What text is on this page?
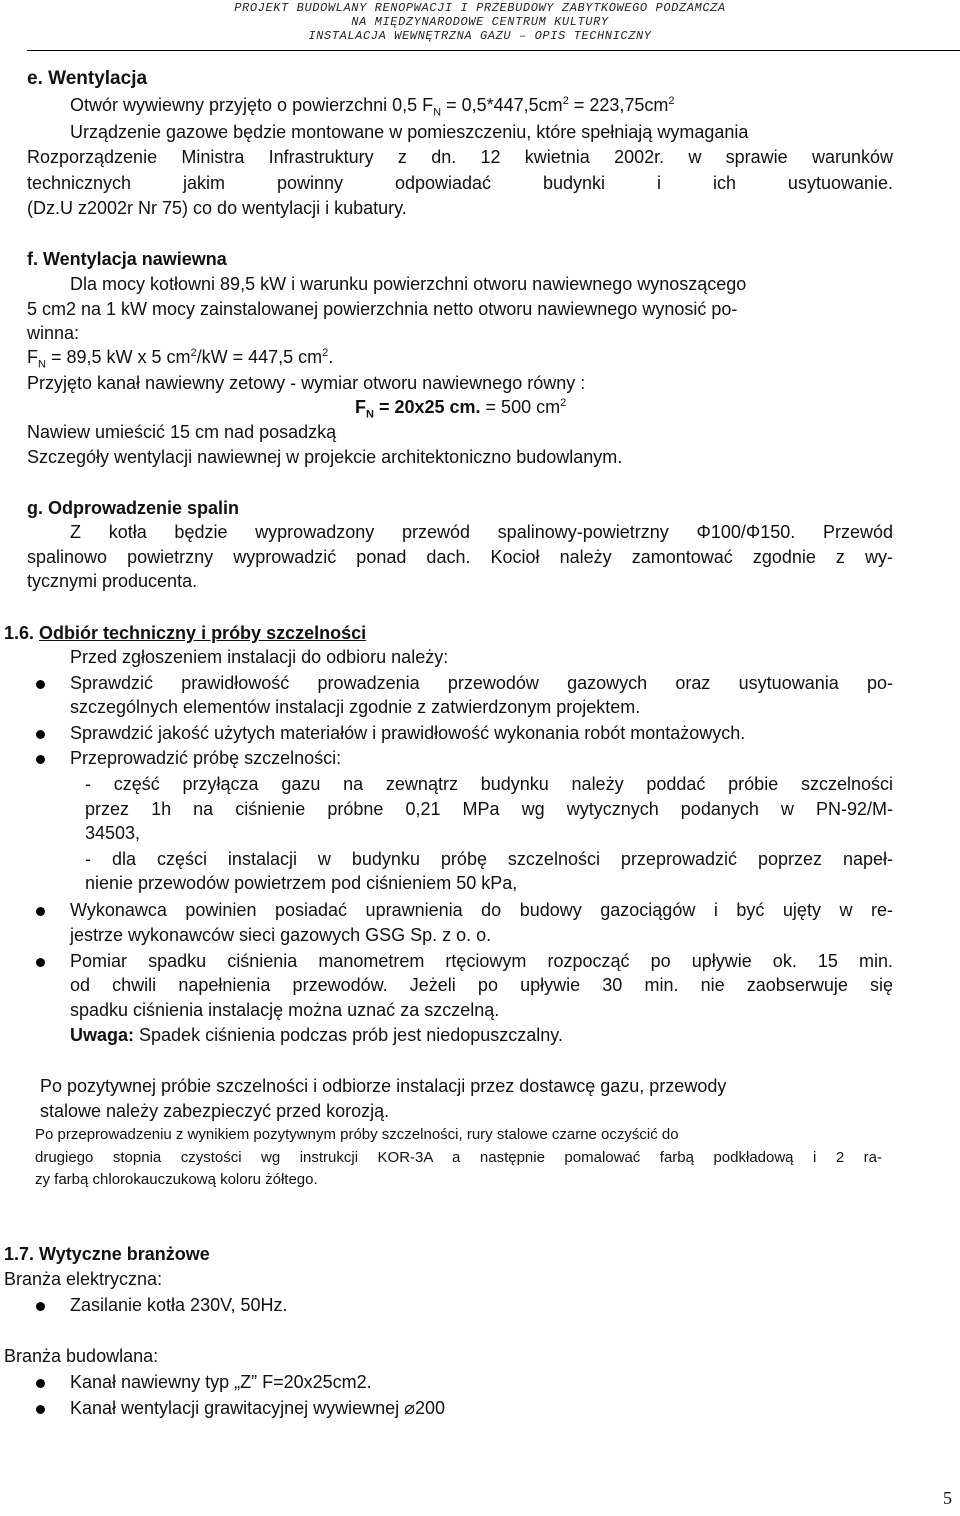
PROJEKT BUDOWLANY RENOPWACJI I PRZEBUDOWY ZABYTKOWEGO PODZAMCZA
NA MIĘDZYNARODOWE CENTRUM KULTURY
INSTALACJA WEWNĘTRZNA GAZU – OPIS TECHNICZNY
e. Wentylacja
Otwór wywiewny przyjęto o powierzchni 0,5 $F_N = 0,5*447,5cm^2 = 223,75cm^2$
Urządzenie gazowe będzie montowane w pomieszczeniu, które spełniają wymagania
Rozporządzenie Ministra Infrastruktury z dn. 12 kwietnia 2002r. w sprawie warunków
technicznych jakim powinny odpowiadać budynki i ich usytuowanie.
(Dz.U z2002r Nr 75) co do wentylacji i kubatury.
f. Wentylacja nawiewna
Dla mocy kotłowni 89,5 kW i warunku powierzchni otworu nawiewnego wynoszącego
5 cm2 na 1 kW mocy zainstalowanej powierzchnia netto otworu nawiewnego wynosić po-
winna:
$F_N = 89,5$ kW x 5 $cm^2/kW = 447,5$ $cm^2$.
Przyjęto kanał nawiewny zetowy - wymiar otworu nawiewnego równy :
$F_N = 20x25$ cm. = 500 $cm^2$
Nawiew umieścić 15 cm nad posadzką
Szczegóły wentylacji nawiewnej w projekcie architektoniczno budowlanym.
g. Odprowadzenie spalin
Z kotła będzie wyprowadzony przewód spalinowy-powietrzny Φ100/Φ150. Przewód
spalinowo powietrzny wyprowadzić ponad dach. Kocioł należy zamontować zgodnie z wy-
tycznymi producenta.
1.6. Odbiór techniczny i próby szczelności
Przed zgłoszeniem instalacji do odbioru należy:
Sprawdzić prawidłowość prowadzenia przewodów gazowych oraz usytuowania po-
szczególnych elementów instalacji zgodnie z zatwierdzonym projektem.
Sprawdzić jakość użytych materiałów i prawidłowość wykonania robót montażowych.
Przeprowadzić próbę szczelności:
- część przyłącza gazu na zewnątrz budynku należy poddać próbie szczelności
przez 1h na ciśnienie próbne 0,21 MPa wg wytycznych podanych w PN-92/M-
34503,
- dla części instalacji w budynku próbę szczelności przeprowadzić poprzez napeł-
nienie przewodów powietrzem pod ciśnieniem 50 kPa,
Wykonawca powinien posiadać uprawnienia do budowy gazociągów i być ujęty w re-
jestrze wykonawców sieci gazowych GSG Sp. z o. o.
Pomiar spadku ciśnienia manometrem rtęciowym rozpocząć po upływie ok. 15 min.
od chwili napełnienia przewodów. Jeżeli po upływie 30 min. nie zaobserwuje się
spadku ciśnienia instalację można uznać za szczelną.
Uwaga: Spadek ciśnienia podczas prób jest niedopuszczalny.
Po pozytywnej próbie szczelności i odbiorze instalacji przez dostawcę gazu, przewody
stalowe należy zabezpieczyć przed korozją.
Po przeprowadzeniu z wynikiem pozytywnym próby szczelności, rury stalowe czarne oczyścić do
drugiego stopnia czystości wg instrukcji KOR-3A a następnie pomalować farbą podkładową i 2 ra-
zy farbą chlorokauczukową koloru żółtego.
1.7. Wytyczne branżowe
Branża elektryczna:
Zasilanie kotła 230V, 50Hz.
Branża budowlana:
Kanał nawiewny typ „Z” F=20x25cm2.
Kanał wentylacji grawitacyjnej wywiewnej ⌀200
5
